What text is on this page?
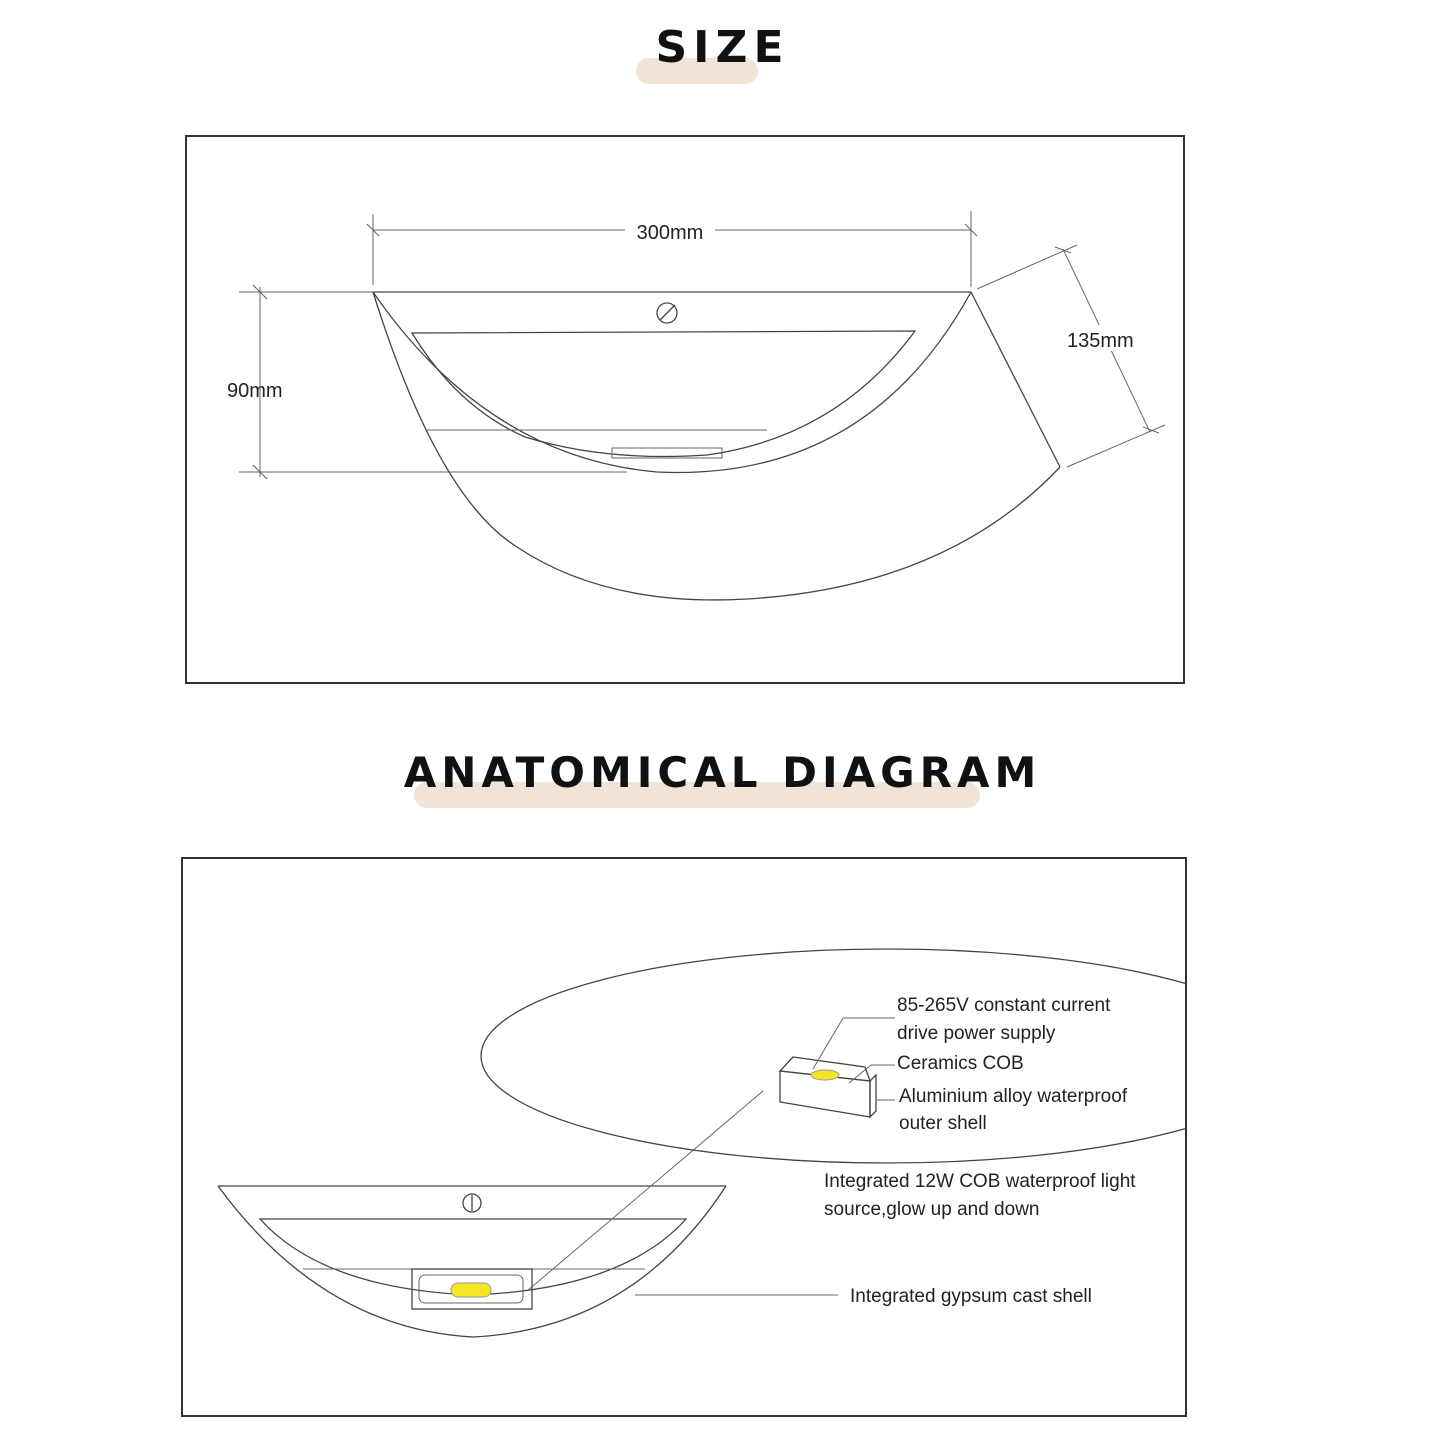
SIZE
300mm
90mm
135mm
ANATOMICAL DIAGRAM
85-265V constant current
drive power supply
Ceramics COB
Aluminium alloy waterproof
outer shell
Integrated 12W COB waterproof light
source,glow up and down
Integrated gypsum cast shell
